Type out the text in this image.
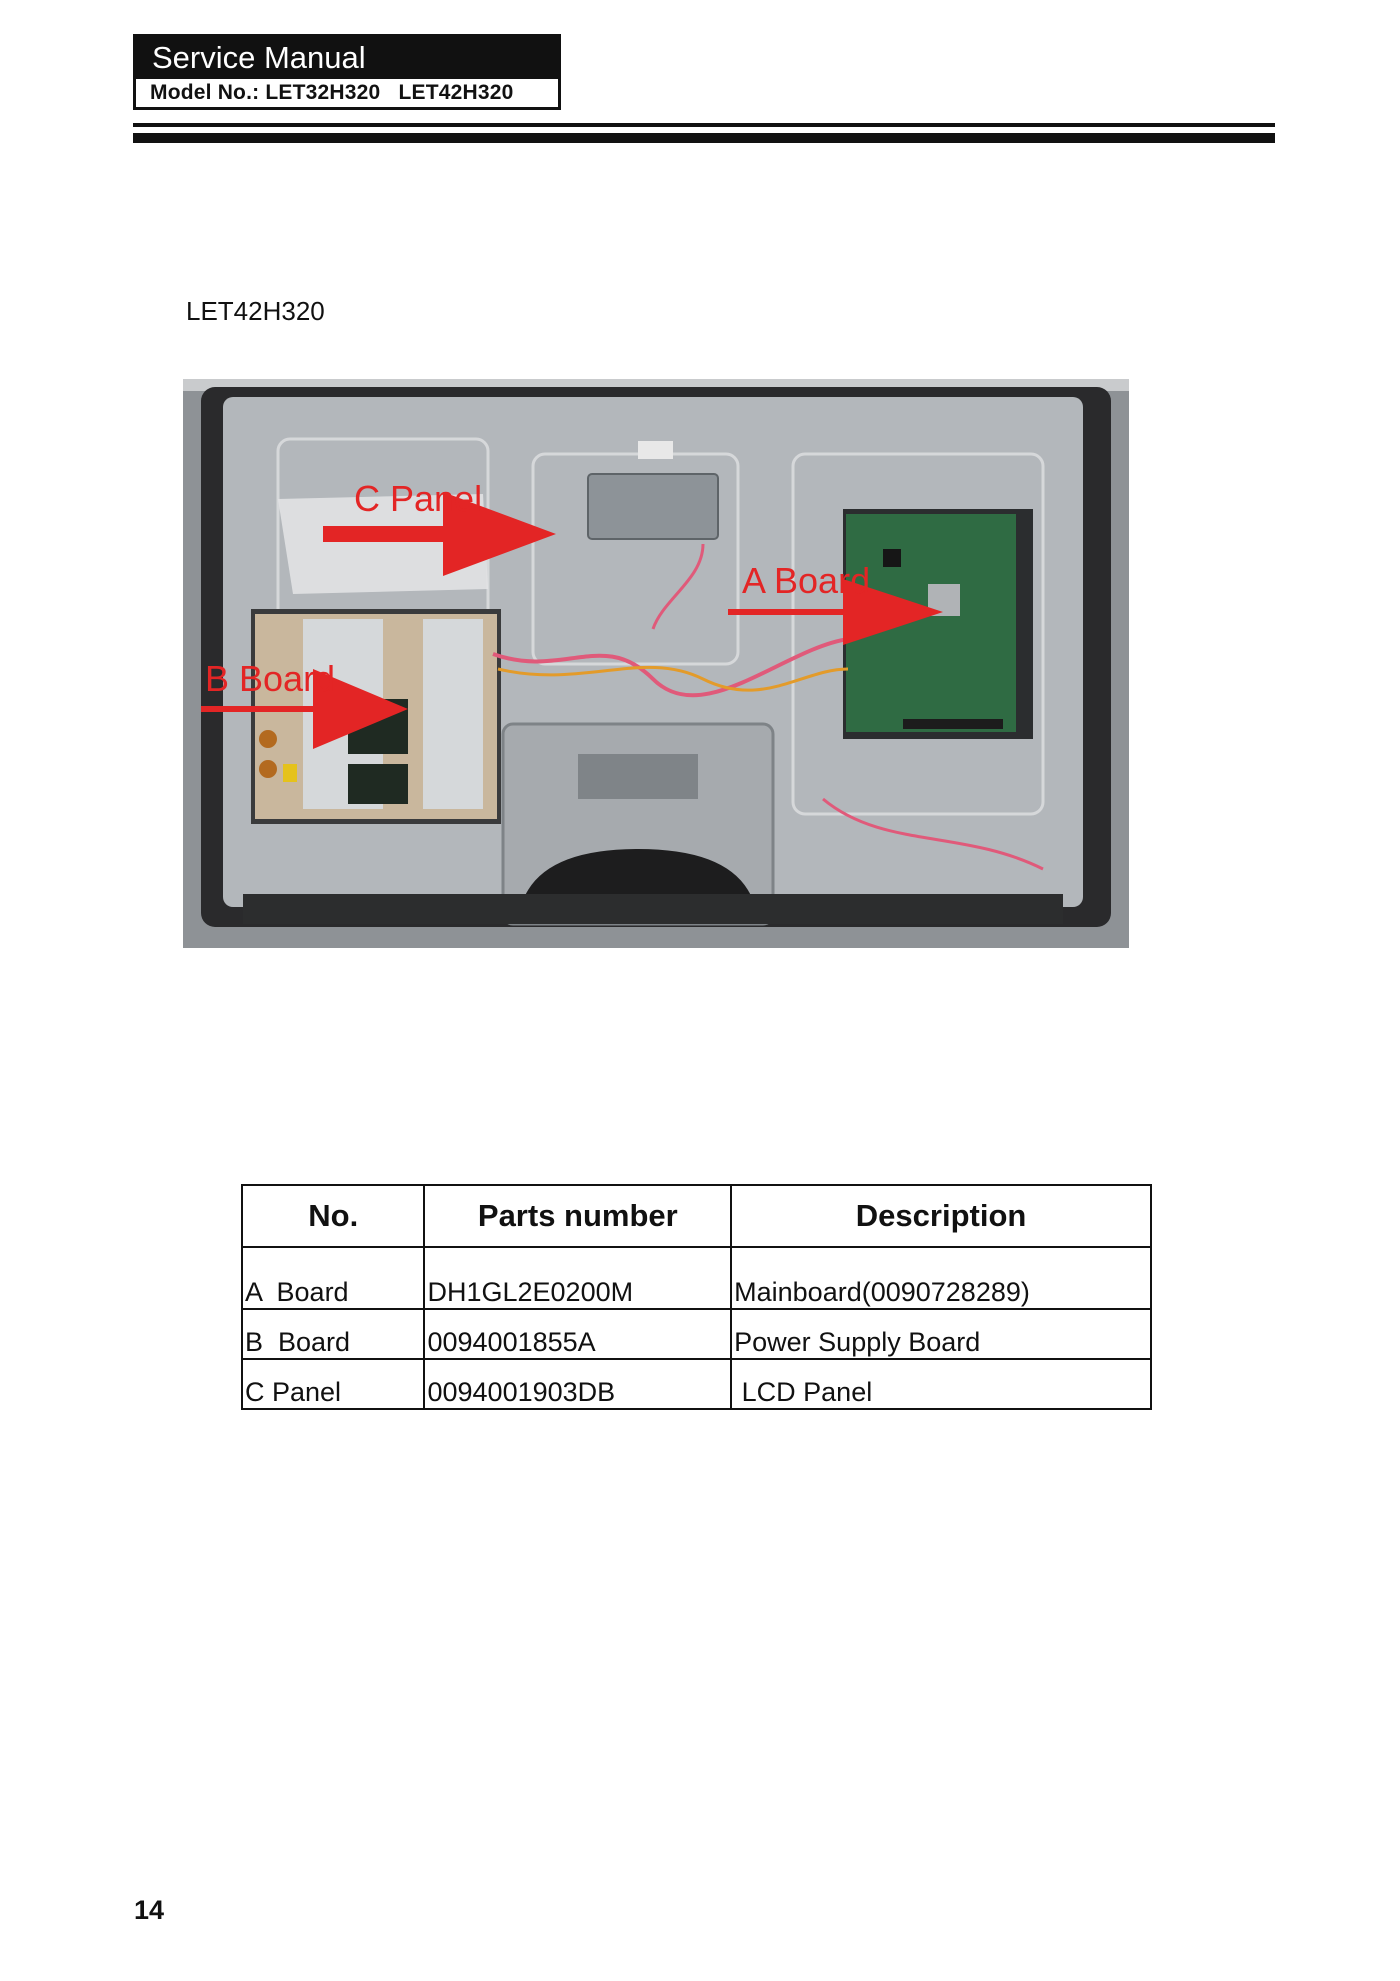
Service Manual
Model No.: LET32H320   LET42H320
LET42H320
C Panel
A Board
B Board
No.	Parts number	Description
A  Board	DH1GL2E0200M	Mainboard(0090728289)
B  Board	0094001855A	Power Supply Board
C Panel	0094001903DB	LCD Panel
14
